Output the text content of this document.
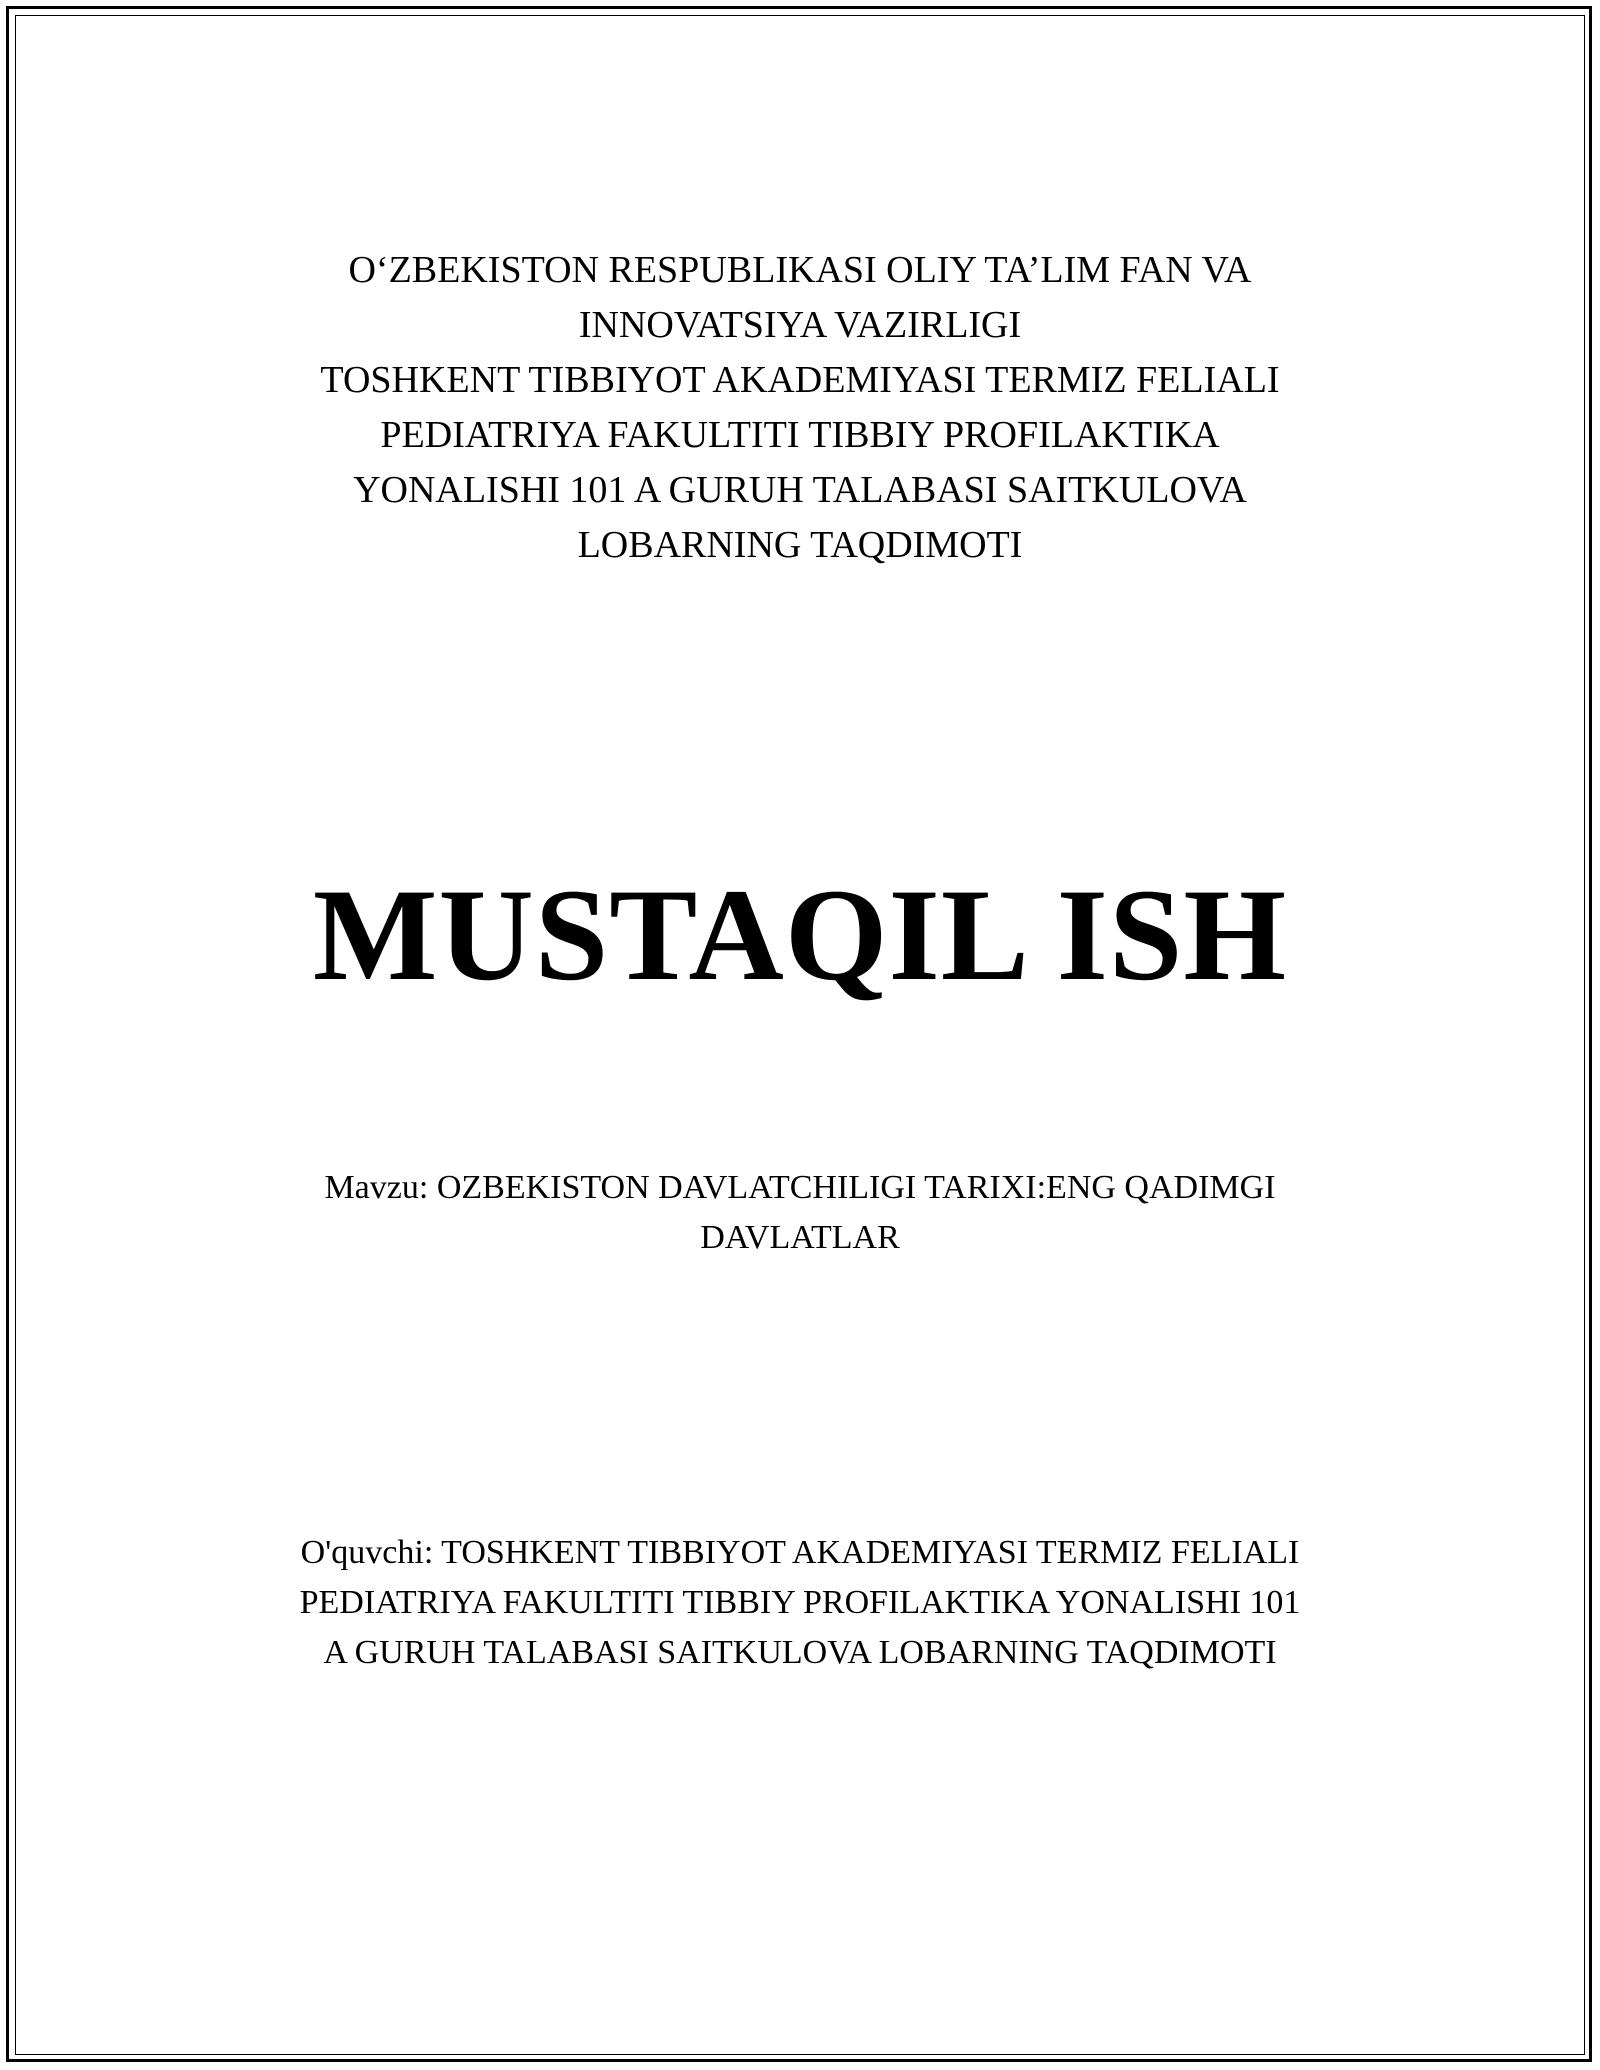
O‘ZBEKISTON RESPUBLIKASI OLIY TA’LIM FAN VA
INNOVATSIYA VAZIRLIGI
TOSHKENT TIBBIYOT AKADEMIYASI TERMIZ FELIALI
PEDIATRIYA FAKULTITI TIBBIY PROFILAKTIKA
YONALISHI 101 A GURUH TALABASI SAITKULOVA
LOBARNING TAQDIMOTI
MUSTAQIL ISH
Mavzu: OZBEKISTON DAVLATCHILIGI TARIXI:ENG QADIMGI
DAVLATLAR
O'quvchi: TOSHKENT TIBBIYOT AKADEMIYASI TERMIZ FELIALI
PEDIATRIYA FAKULTITI TIBBIY PROFILAKTIKA YONALISHI 101
A GURUH TALABASI SAITKULOVA LOBARNING TAQDIMOTI
